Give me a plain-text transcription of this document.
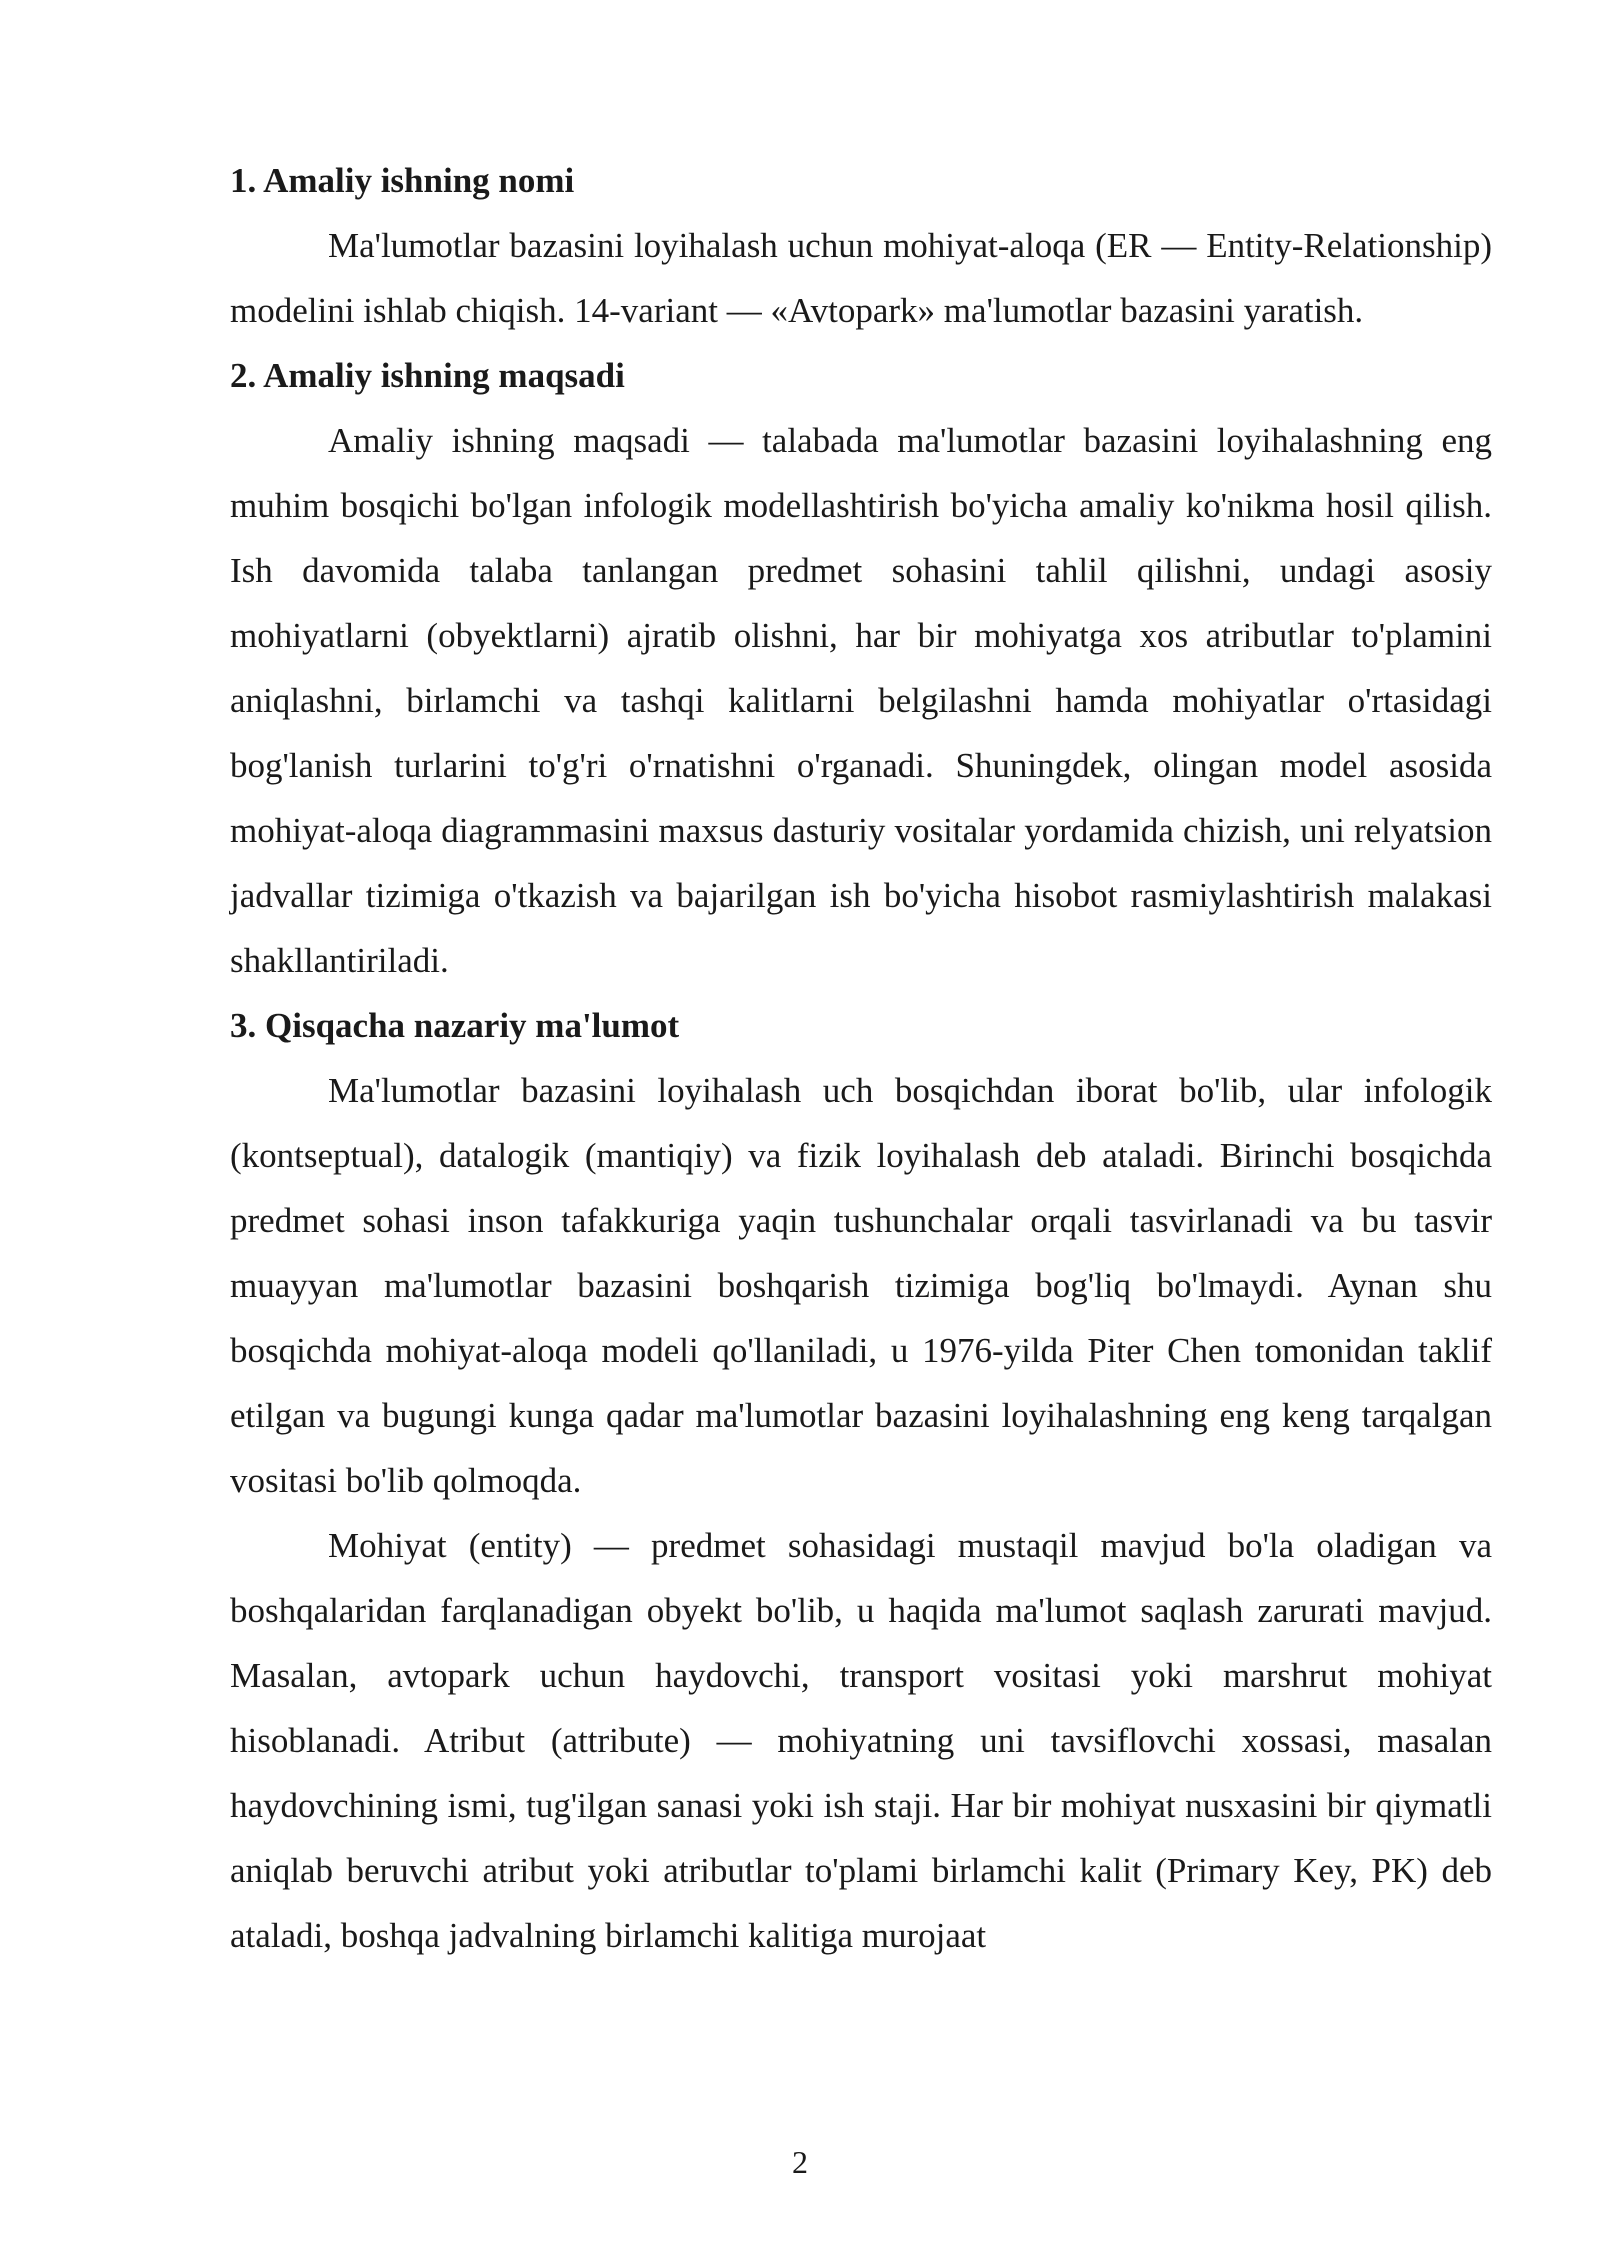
1. Amaliy ishning nomi

Ma'lumotlar bazasini loyihalash uchun mohiyat-aloqa (ER — Entity-Relationship) modelini ishlab chiqish. 14-variant — «Avtopark» ma'lumotlar bazasini yaratish.

2. Amaliy ishning maqsadi

Amaliy ishning maqsadi — talabada ma'lumotlar bazasini loyihalashning eng muhim bosqichi bo'lgan infologik modellashtirish bo'yicha amaliy ko'nikma hosil qilish. Ish davomida talaba tanlangan predmet sohasini tahlil qilishni, undagi asosiy mohiyatlarni (obyektlarni) ajratib olishni, har bir mohiyatga xos atributlar to'plamini aniqlashni, birlamchi va tashqi kalitlarni belgilashni hamda mohiyatlar o'rtasidagi bog'lanish turlarini to'g'ri o'rnatishni o'rganadi. Shuningdek, olingan model asosida mohiyat-aloqa diagrammasini maxsus dasturiy vositalar yordamida chizish, uni relyatsion jadvallar tizimiga o'tkazish va bajarilgan ish bo'yicha hisobot rasmiylashtirish malakasi shakllantiriladi.

3. Qisqacha nazariy ma'lumot

Ma'lumotlar bazasini loyihalash uch bosqichdan iborat bo'lib, ular infologik (kontseptual), datalogik (mantiqiy) va fizik loyihalash deb ataladi. Birinchi bosqichda predmet sohasi inson tafakkuriga yaqin tushunchalar orqali tasvirlanadi va bu tasvir muayyan ma'lumotlar bazasini boshqarish tizimiga bog'liq bo'lmaydi. Aynan shu bosqichda mohiyat-aloqa modeli qo'llaniladi, u 1976-yilda Piter Chen tomonidan taklif etilgan va bugungi kunga qadar ma'lumotlar bazasini loyihalashning eng keng tarqalgan vositasi bo'lib qolmoqda.

Mohiyat (entity) — predmet sohasidagi mustaqil mavjud bo'la oladigan va boshqalaridan farqlanadigan obyekt bo'lib, u haqida ma'lumot saqlash zarurati mavjud. Masalan, avtopark uchun haydovchi, transport vositasi yoki marshrut mohiyat hisoblanadi. Atribut (attribute) — mohiyatning uni tavsiflovchi xossasi, masalan haydovchining ismi, tug'ilgan sanasi yoki ish staji. Har bir mohiyat nusxasini bir qiymatli aniqlab beruvchi atribut yoki atributlar to'plami birlamchi kalit (Primary Key, PK) deb ataladi, boshqa jadvalning birlamchi kalitiga murojaat

2
